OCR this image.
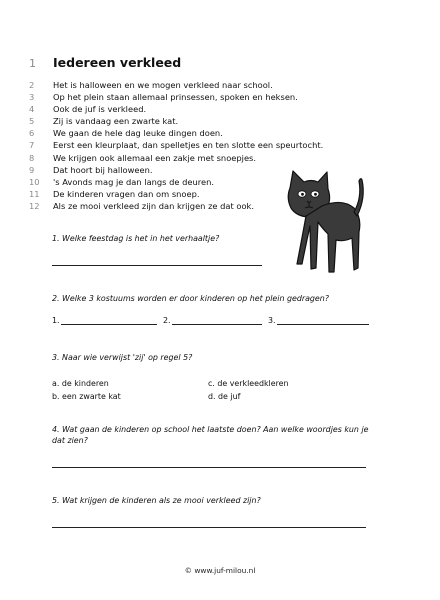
1	Iedereen verkleed
2	Het is halloween en we mogen verkleed naar school.
3	Op het plein staan allemaal prinsessen, spoken en heksen.
4	Ook de juf is verkleed.
5	Zij is vandaag een zwarte kat.
6	We gaan de hele dag leuke dingen doen.
7	Eerst een kleurplaat, dan spelletjes en ten slotte een speurtocht.
8	We krijgen ook allemaal een zakje met snoepjes.
9	Dat hoort bij halloween.
10	's Avonds mag je dan langs de deuren.
11	De kinderen vragen dan om snoep.
12	Als ze mooi verkleed zijn dan krijgen ze dat ook.
1. Welke feestdag is het in het verhaaltje?
2. Welke 3 kostuums worden er door kinderen op het plein gedragen?
1.	2.	3.
3. Naar wie verwijst 'zij' op regel 5?
a. de kinderen
b. een zwarte kat
c. de verkleedkleren
d. de juf
4. Wat gaan de kinderen op school het laatste doen? Aan welke woordjes kun je dat zien?
5. Wat krijgen de kinderen als ze mooi verkleed zijn?
© www.juf-milou.nl
